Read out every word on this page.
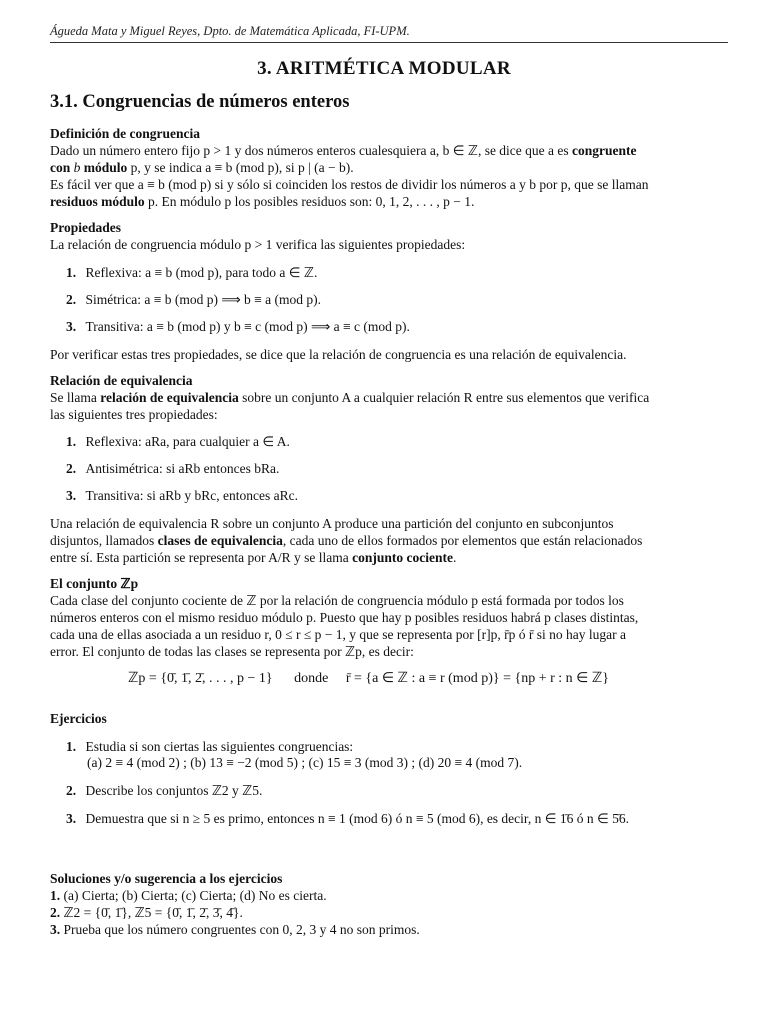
Águeda Mata y Miguel Reyes, Dpto. de Matemática Aplicada, FI-UPM.
3. ARITMÉTICA MODULAR
3.1. Congruencias de números enteros
Definición de congruencia
Dado un número entero fijo p > 1 y dos números enteros cualesquiera a, b ∈ ℤ, se dice que a es congruente
con b módulo p, y se indica a ≡ b (mod p), si p | (a − b).
Es fácil ver que a ≡ b (mod p) si y sólo si coinciden los restos de dividir los números a y b por p, que se llaman
residuos módulo p. En módulo p los posibles residuos son: 0, 1, 2, . . . , p − 1.
Propiedades
La relación de congruencia módulo p > 1 verifica las siguientes propiedades:
1. Reflexiva: a ≡ b (mod p), para todo a ∈ ℤ.
2. Simétrica: a ≡ b (mod p) ⟹ b ≡ a (mod p).
3. Transitiva: a ≡ b (mod p) y b ≡ c (mod p) ⟹ a ≡ c (mod p).
Por verificar estas tres propiedades, se dice que la relación de congruencia es una relación de equivalencia.
Relación de equivalencia
Se llama relación de equivalencia sobre un conjunto A a cualquier relación R entre sus elementos que verifica
las siguientes tres propiedades:
1. Reflexiva: aRa, para cualquier a ∈ A.
2. Antisimétrica: si aRb entonces bRa.
3. Transitiva: si aRb y bRc, entonces aRc.
Una relación de equivalencia R sobre un conjunto A produce una partición del conjunto en subconjuntos
disjuntos, llamados clases de equivalencia, cada uno de ellos formados por elementos que están relacionados
entre sí. Esta partición se representa por A/R y se llama conjunto cociente.
El conjunto ℤp
Cada clase del conjunto cociente de ℤ por la relación de congruencia módulo p está formada por todos los
números enteros con el mismo residuo módulo p. Puesto que hay p posibles residuos habrá p clases distintas,
cada una de ellas asociada a un residuo r, 0 ≤ r ≤ p − 1, y que se representa por [r]p, r̄p ó r̄ si no hay lugar a
error. El conjunto de todas las clases se representa por ℤp, es decir:
ℤp = {0̄, 1̄, 2̄, . . . , p − 1} donde r̄ = {a ∈ ℤ : a ≡ r (mod p)} = {np + r : n ∈ ℤ}
Ejercicios
1. Estudia si son ciertas las siguientes congruencias:
(a) 2 ≡ 4 (mod 2) ; (b) 13 ≡ −2 (mod 5) ; (c) 15 ≡ 3 (mod 3) ; (d) 20 ≡ 4 (mod 7).
2. Describe los conjuntos ℤ2 y ℤ5.
3. Demuestra que si n ≥ 5 es primo, entonces n ≡ 1 (mod 6) ó n ≡ 5 (mod 6), es decir, n ∈ 1̄6 ó n ∈ 5̄6.
Soluciones y/o sugerencia a los ejercicios
1. (a) Cierta; (b) Cierta; (c) Cierta; (d) No es cierta.
2. ℤ2 = {0̄, 1̄}, ℤ5 = {0̄, 1̄, 2̄, 3̄, 4̄}.
3. Prueba que los número congruentes con 0, 2, 3 y 4 no son primos.
